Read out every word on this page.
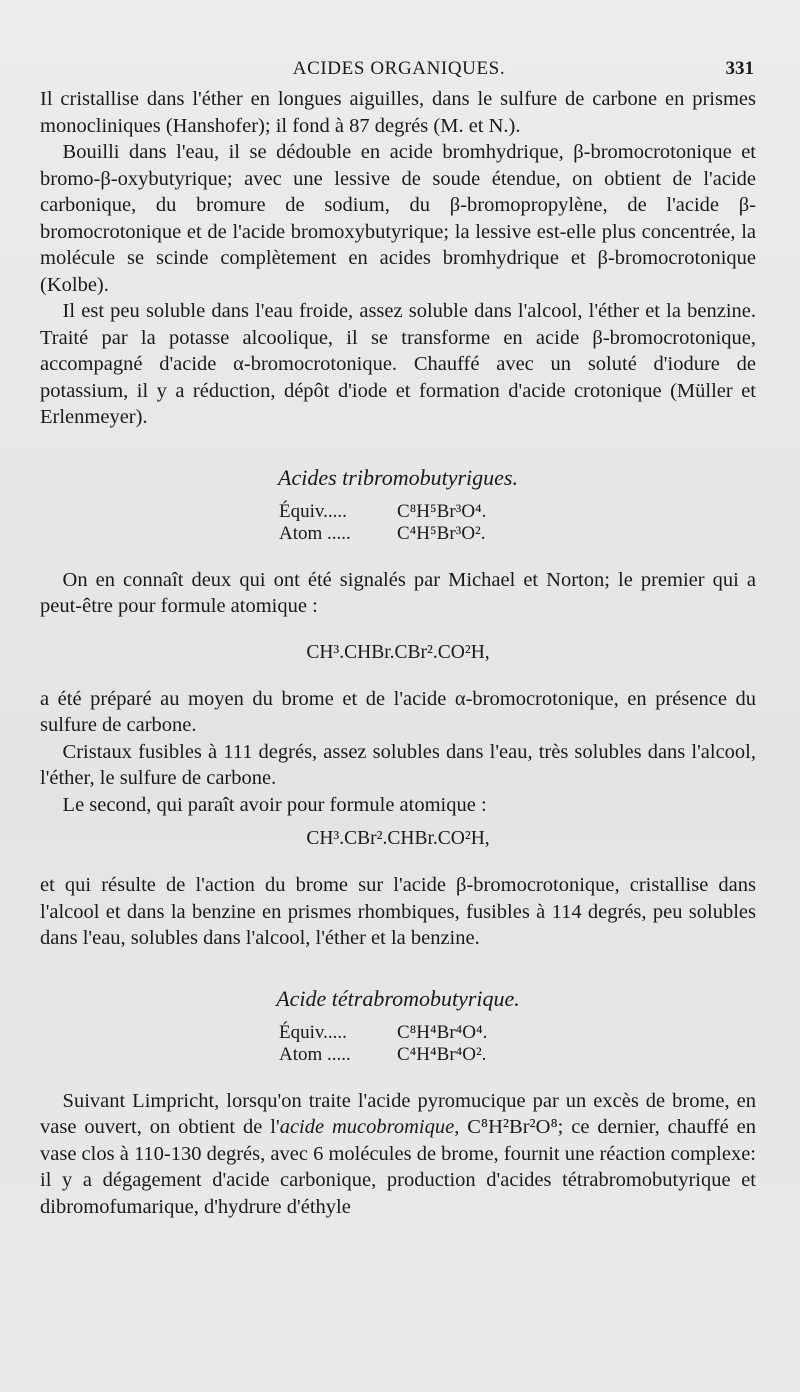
ACIDES ORGANIQUES.	331

Il cristallise dans l'éther en longues aiguilles, dans le sulfure de carbone en prismes monocliniques (Hanshofer); il fond à 87 degrés (M. et N.).

Bouilli dans l'eau, il se dédouble en acide bromhydrique, β-bromocrotonique et bromo-β-oxybutyrique; avec une lessive de soude étendue, on obtient de l'acide carbonique, du bromure de sodium, du β-bromopropylène, de l'acide β-bromocrotonique et de l'acide bromoxybutyrique; la lessive est-elle plus concentrée, la molécule se scinde complètement en acides bromhydrique et β-bromocrotonique (Kolbe).

Il est peu soluble dans l'eau froide, assez soluble dans l'alcool, l'éther et la benzine. Traité par la potasse alcoolique, il se transforme en acide β-bromocrotonique, accompagné d'acide α-bromocrotonique. Chauffé avec un soluté d'iodure de potassium, il y a réduction, dépôt d'iode et formation d'acide crotonique (Müller et Erlenmeyer).

Acides tribromobutyrigues.

Équiv.....	C⁸H⁵Br³O⁴.
Atom .....	C⁴H⁵Br³O².

On en connaît deux qui ont été signalés par Michael et Norton; le premier qui a peut-être pour formule atomique :

CH³.CHBr.CBr².CO²H,

a été préparé au moyen du brome et de l'acide α-bromocrotonique, en présence du sulfure de carbone.

Cristaux fusibles à 111 degrés, assez solubles dans l'eau, très solubles dans l'alcool, l'éther, le sulfure de carbone.

Le second, qui paraît avoir pour formule atomique :

CH³.CBr².CHBr.CO²H,

et qui résulte de l'action du brome sur l'acide β-bromocrotonique, cristallise dans l'alcool et dans la benzine en prismes rhombiques, fusibles à 114 degrés, peu solubles dans l'eau, solubles dans l'alcool, l'éther et la benzine.

Acide tétrabromobutyrique.

Équiv.....	C⁸H⁴Br⁴O⁴.
Atom .....	C⁴H⁴Br⁴O².

Suivant Limpricht, lorsqu'on traite l'acide pyromucique par un excès de brome, en vase ouvert, on obtient de l'acide mucobromique, C⁸H²Br²O⁸; ce dernier, chauffé en vase clos à 110-130 degrés, avec 6 molécules de brome, fournit une réaction complexe: il y a dégagement d'acide carbonique, production d'acides tétrabromobutyrique et dibromofumarique, d'hydrure d'éthyle
